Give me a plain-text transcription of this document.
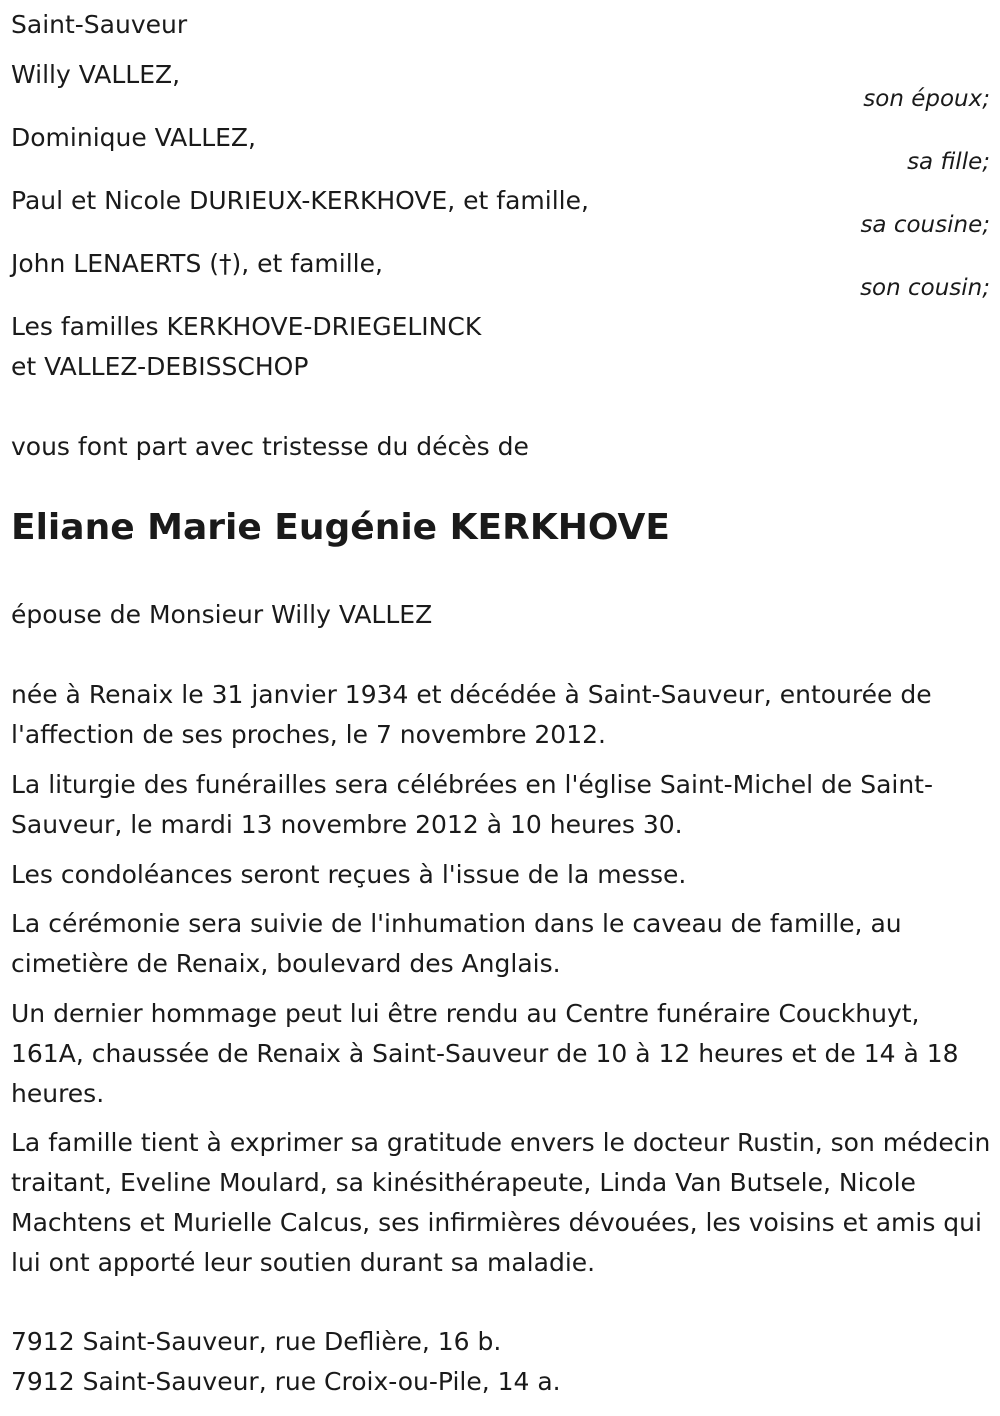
Saint-Sauveur
Willy VALLEZ,
son époux;
Dominique VALLEZ,
sa fille;
Paul et Nicole DURIEUX-KERKHOVE, et famille,
sa cousine;
John LENAERTS (†), et famille,
son cousin;
Les familles KERKHOVE-DRIEGELINCK
et VALLEZ-DEBISSCHOP
vous font part avec tristesse du décès de
Eliane Marie Eugénie KERKHOVE
épouse de Monsieur Willy VALLEZ
née à Renaix le 31 janvier 1934 et décédée à Saint-Sauveur, entourée de l'affection de ses proches, le 7 novembre 2012.
La liturgie des funérailles sera célébrées en l'église Saint-Michel de Saint-Sauveur, le mardi 13 novembre 2012 à 10 heures 30.
Les condoléances seront reçues à l'issue de la messe.
La cérémonie sera suivie de l'inhumation dans le caveau de famille, au cimetière de Renaix, boulevard des Anglais.
Un dernier hommage peut lui être rendu au Centre funéraire Couckhuyt, 161A, chaussée de Renaix à Saint-Sauveur de 10 à 12 heures et de 14 à 18 heures.
La famille tient à exprimer sa gratitude envers le docteur Rustin, son médecin traitant, Eveline Moulard, sa kinésithérapeute, Linda Van Butsele, Nicole Machtens et Murielle Calcus, ses infirmières dévouées, les voisins et amis qui lui ont apporté leur soutien durant sa maladie.
7912 Saint-Sauveur, rue Deflière, 16 b.
7912 Saint-Sauveur, rue Croix-ou-Pile, 14 a.
